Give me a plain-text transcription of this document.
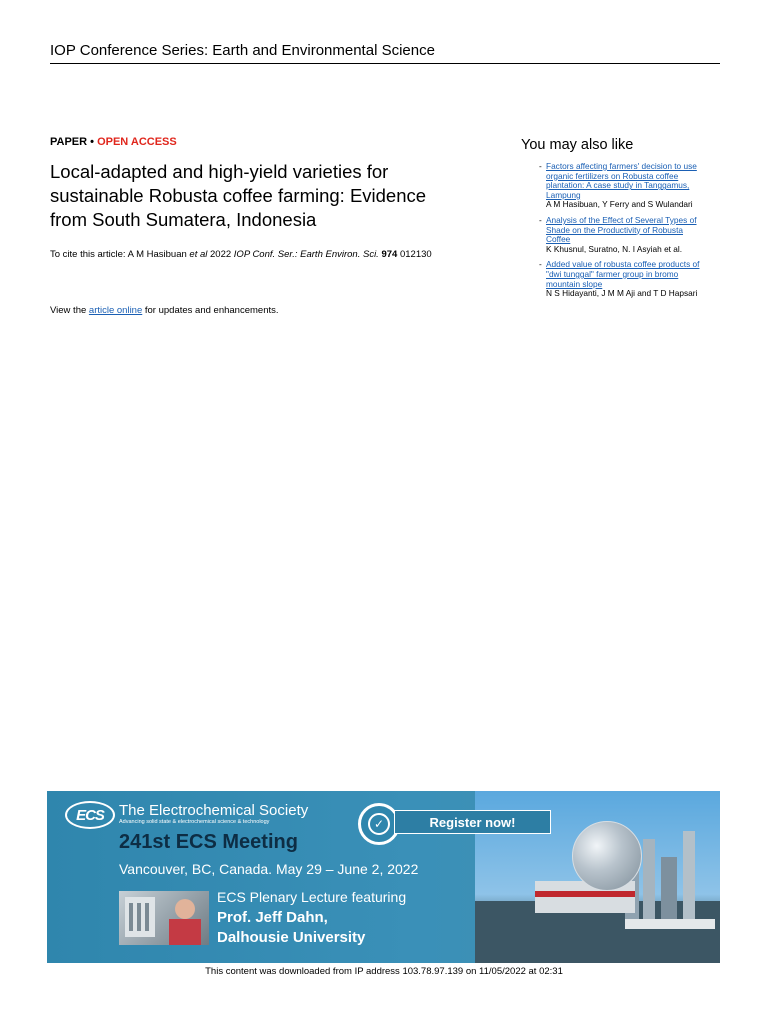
IOP Conference Series: Earth and Environmental Science
PAPER • OPEN ACCESS
Local-adapted and high-yield varieties for
sustainable Robusta coffee farming: Evidence
from South Sumatera, Indonesia
To cite this article: A M Hasibuan et al 2022 IOP Conf. Ser.: Earth Environ. Sci. 974 012130
View the article online for updates and enhancements.
You may also like
- Factors affecting farmers' decision to use
organic fertilizers on Robusta coffee
plantation: A case study in Tanggamus,
Lampung
A M Hasibuan, Y Ferry and S Wulandari
- Analysis of the Effect of Several Types of
Shade on the Productivity of Robusta
Coffee
K Khusnul, Suratno, N. I Asyiah et al.
- Added value of robusta coffee products of
"dwi tunggal" farmer group in bromo
mountain slope
N S Hidayanti, J M M Aji and T D Hapsari
ECS	The Electrochemical Society
Advancing solid state & electrochemical science & technology
241st ECS Meeting
Vancouver, BC, Canada. May 29 – June 2, 2022
✓	Register now!
ECS Plenary Lecture featuring
Prof. Jeff Dahn,
Dalhousie University
This content was downloaded from IP address 103.78.97.139 on 11/05/2022 at 02:31
